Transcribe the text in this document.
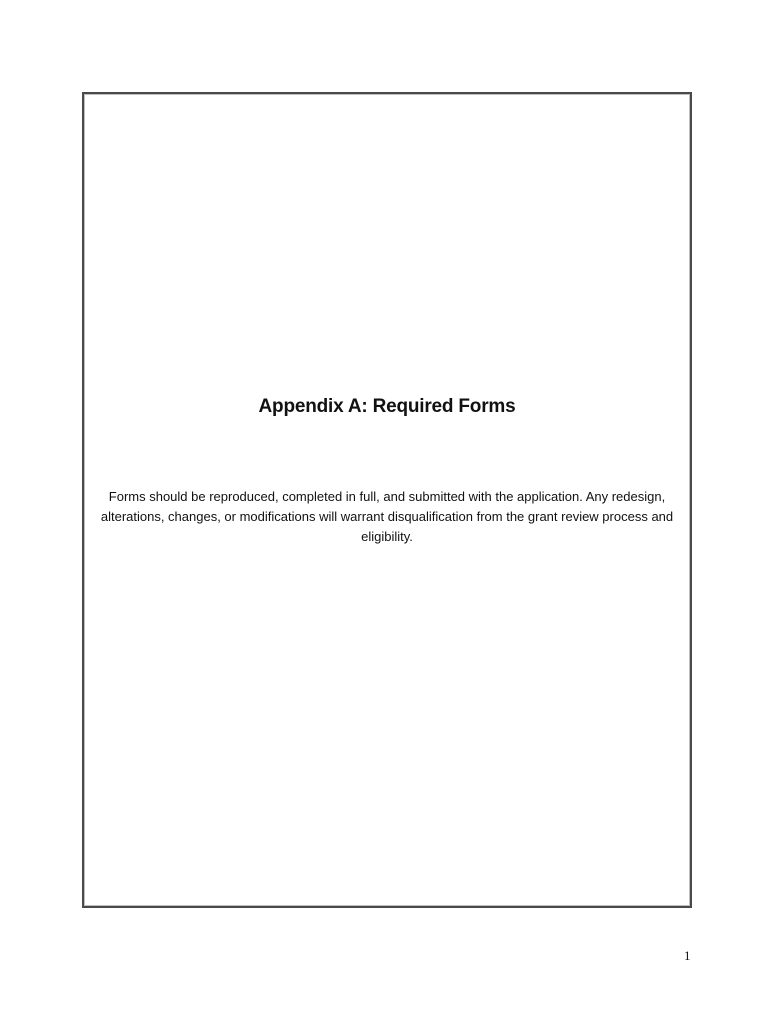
Appendix A: Required Forms

Forms should be reproduced, completed in full, and submitted with the application. Any redesign, alterations, changes, or modifications will warrant disqualification from the grant review process and eligibility.

1
